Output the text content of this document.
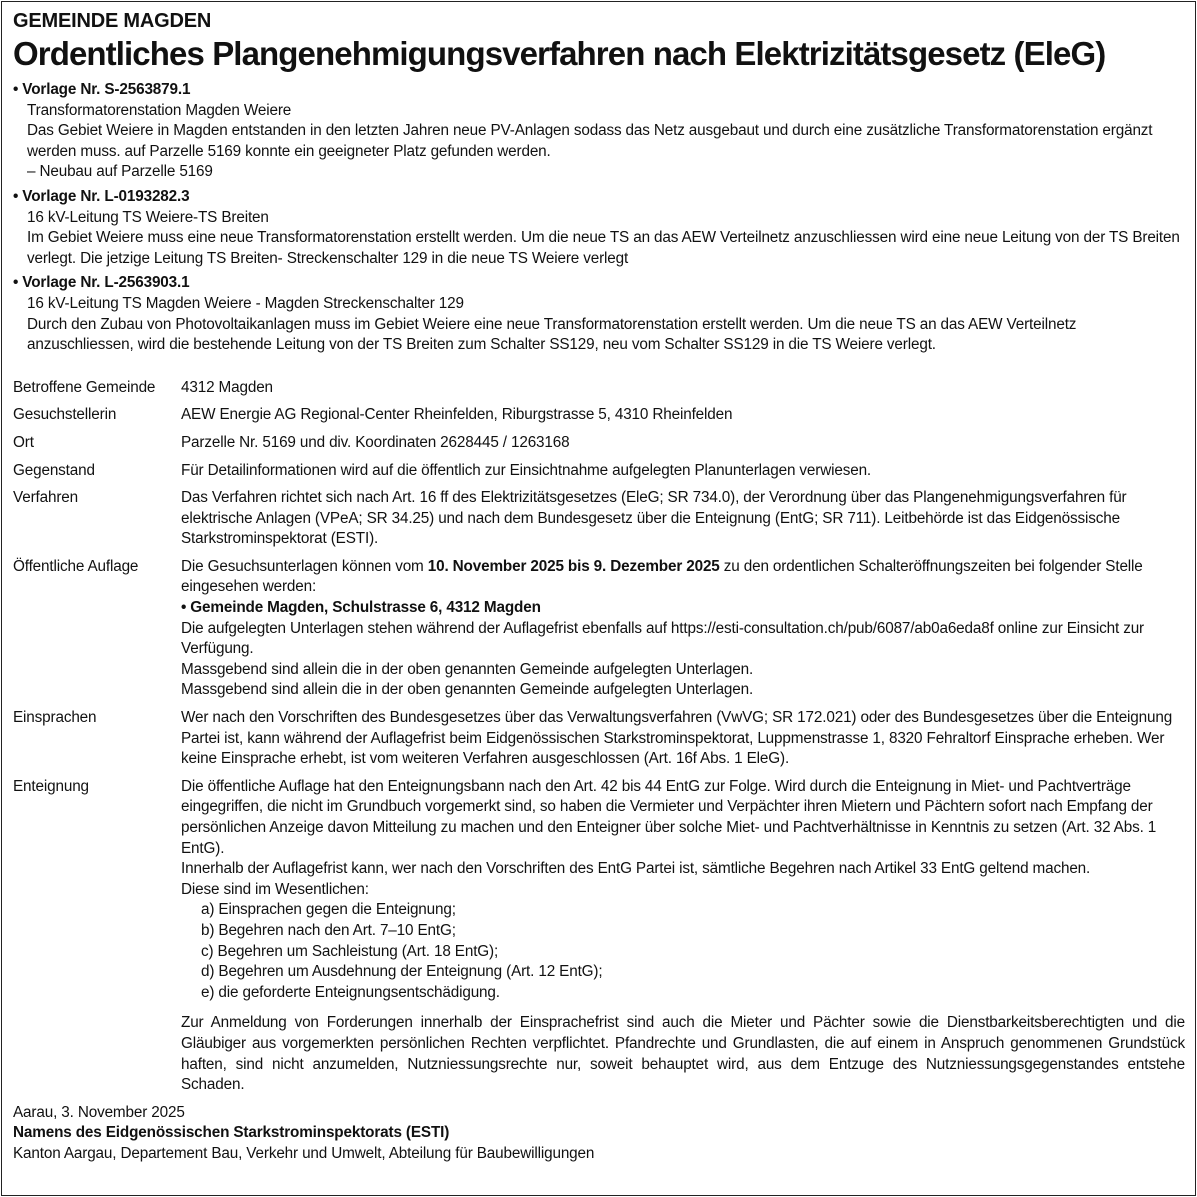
GEMEINDE MAGDEN
Ordentliches Plangenehmigungsverfahren nach Elektrizitätsgesetz (EleG)
• Vorlage Nr. S-2563879.1
Transformatorenstation Magden Weiere
Das Gebiet Weiere in Magden entstanden in den letzten Jahren neue PV-Anlagen sodass das Netz ausgebaut und durch eine zusätzliche Transformatorenstation ergänzt werden muss. auf Parzelle 5169 konnte ein geeigneter Platz gefunden werden.
– Neubau auf Parzelle 5169
• Vorlage Nr. L-0193282.3
16 kV-Leitung TS Weiere-TS Breiten
Im Gebiet Weiere muss eine neue Transformatorenstation erstellt werden. Um die neue TS an das AEW Verteilnetz anzuschliessen wird eine neue Leitung von der TS Breiten verlegt. Die jetzige Leitung TS Breiten- Streckenschalter 129 in die neue TS Weiere verlegt
• Vorlage Nr. L-2563903.1
16 kV-Leitung TS Magden Weiere - Magden Streckenschalter 129
Durch den Zubau von Photovoltaikanlagen muss im Gebiet Weiere eine neue Transformatorenstation erstellt werden. Um die neue TS an das AEW Verteilnetz anzuschliessen, wird die bestehende Leitung von der TS Breiten zum Schalter SS129, neu vom Schalter SS129 in die TS Weiere verlegt.
Betroffene Gemeinde	4312 Magden
Gesuchstellerin	AEW Energie AG Regional-Center Rheinfelden, Riburgstrasse 5, 4310 Rheinfelden
Ort	Parzelle Nr. 5169 und div. Koordinaten 2628445 / 1263168
Gegenstand	Für Detailinformationen wird auf die öffentlich zur Einsichtnahme aufgelegten Planunterlagen verwiesen.
Verfahren	Das Verfahren richtet sich nach Art. 16 ff des Elektrizitätsgesetzes (EleG; SR 734.0), der Verordnung über das Plangenehmigungsverfahren für elektrische Anlagen (VPeA; SR 34.25) und nach dem Bundesgesetz über die Enteignung (EntG; SR 711). Leitbehörde ist das Eidgenössische Starkstrominspektorat (ESTI).
Öffentliche Auflage	Die Gesuchsunterlagen können vom 10. November 2025 bis 9. Dezember 2025 zu den ordentlichen Schalteröffnungszeiten bei folgender Stelle eingesehen werden:
• Gemeinde Magden, Schulstrasse 6, 4312 Magden
Die aufgelegten Unterlagen stehen während der Auflagefrist ebenfalls auf https://esti-consultation.ch/pub/6087/ab0a6eda8f online zur Einsicht zur Verfügung.
Massgebend sind allein die in der oben genannten Gemeinde aufgelegten Unterlagen.
Massgebend sind allein die in der oben genannten Gemeinde aufgelegten Unterlagen.
Einsprachen	Wer nach den Vorschriften des Bundesgesetzes über das Verwaltungsverfahren (VwVG; SR 172.021) oder des Bundesgesetzes über die Enteignung Partei ist, kann während der Auflagefrist beim Eidgenössischen Starkstrominspektorat, Luppmenstrasse 1, 8320 Fehraltorf Einsprache erheben. Wer keine Einsprache erhebt, ist vom weiteren Verfahren ausgeschlossen (Art. 16f Abs. 1 EleG).
Enteignung	Die öffentliche Auflage hat den Enteignungsbann nach den Art. 42 bis 44 EntG zur Folge. Wird durch die Enteignung in Miet- und Pachtverträge eingegriffen, die nicht im Grundbuch vorgemerkt sind, so haben die Vermieter und Verpächter ihren Mietern und Pächtern sofort nach Empfang der persönlichen Anzeige davon Mitteilung zu machen und den Enteigner über solche Miet- und Pachtverhältnisse in Kenntnis zu setzen (Art. 32 Abs. 1 EntG).
Innerhalb der Auflagefrist kann, wer nach den Vorschriften des EntG Partei ist, sämtliche Begehren nach Artikel 33 EntG geltend machen.
Diese sind im Wesentlichen:
a) Einsprachen gegen die Enteignung;
b) Begehren nach den Art. 7–10 EntG;
c) Begehren um Sachleistung (Art. 18 EntG);
d) Begehren um Ausdehnung der Enteignung (Art. 12 EntG);
e) die geforderte Enteignungsentschädigung.
Zur Anmeldung von Forderungen innerhalb der Einsprachefrist sind auch die Mieter und Pächter sowie die Dienstbarkeitsberechtigten und die Gläubiger aus vorgemerkten persönlichen Rechten verpflichtet. Pfandrechte und Grundlasten, die auf einem in Anspruch genommenen Grundstück haften, sind nicht anzumelden, Nutzniessungsrechte nur, soweit behauptet wird, aus dem Entzuge des Nutzniessungsgegenstandes entstehe Schaden.
Aarau, 3. November 2025
Namens des Eidgenössischen Starkstrominspektorats (ESTI)
Kanton Aargau, Departement Bau, Verkehr und Umwelt, Abteilung für Baubewilligungen
